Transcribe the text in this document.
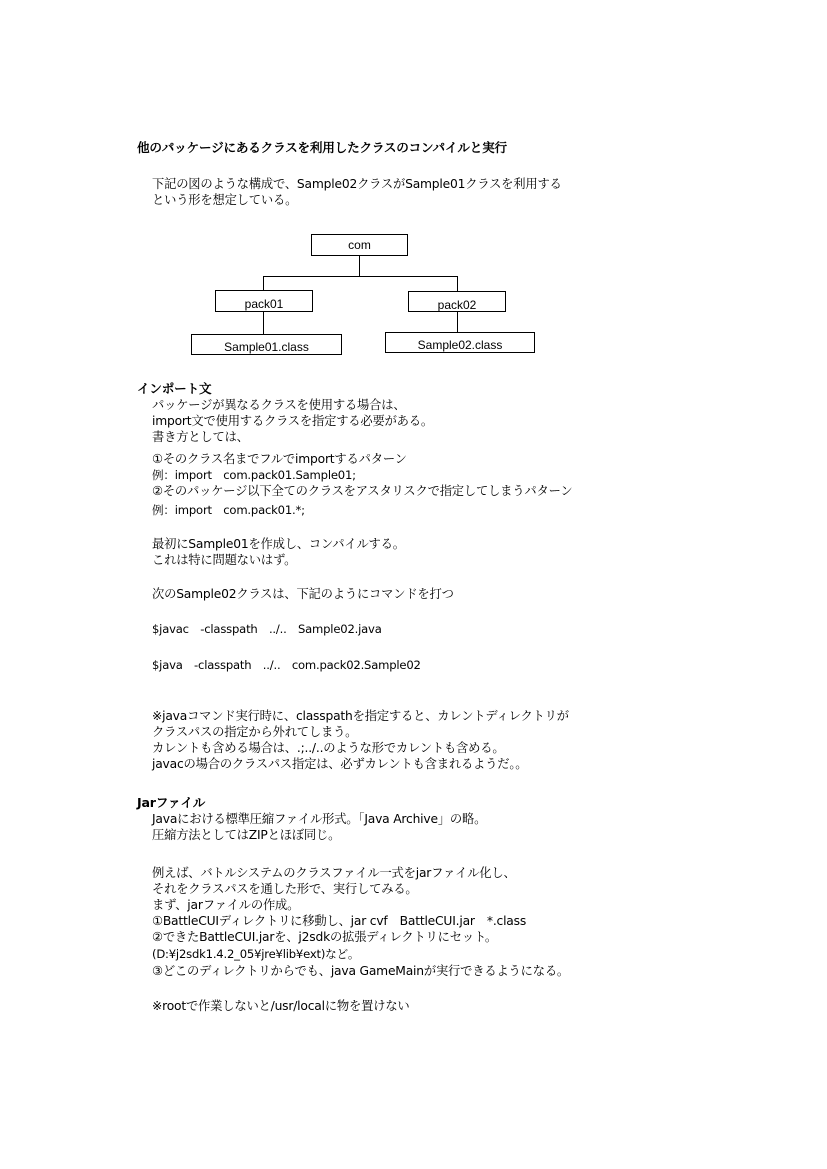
他のパッケージにあるクラスを利用したクラスのコンパイルと実行
下記の図のような構成で、Sample02クラスがSample01クラスを利用する
という形を想定している。
com
pack01	pack02
Sample01.class	Sample02.class
インポート文
パッケージが異なるクラスを使用する場合は、
import文で使用するクラスを指定する必要がある。
書き方としては、
①そのクラス名までフルでimportするパターン
例：import　com.pack01.Sample01;
②そのパッケージ以下全てのクラスをアスタリスクで指定してしまうパターン
例：import　com.pack01.*;
最初にSample01を作成し、コンパイルする。
これは特に問題ないはず。
次のSample02クラスは、下記のようにコマンドを打つ
$javac　-classpath　../..　Sample02.java
$java　-classpath　../..　com.pack02.Sample02
※javaコマンド実行時に、classpathを指定すると、カレントディレクトリが
クラスパスの指定から外れてしまう。
カレントも含める場合は、.;../..のような形でカレントも含める。
javacの場合のクラスパス指定は、必ずカレントも含まれるようだ。。
Jarファイル
Javaにおける標準圧縮ファイル形式。「Java Archive」の略。
圧縮方法としてはZIPとほぼ同じ。
例えば、バトルシステムのクラスファイル一式をjarファイル化し、
それをクラスパスを通した形で、実行してみる。
まず、jarファイルの作成。
①BattleCUIディレクトリに移動し、jar cvf　BattleCUI.jar　*.class
②できたBattleCUI.jarを、j2sdkの拡張ディレクトリにセット。
(D:¥j2sdk1.4.2_05¥jre¥lib¥ext)など。
③どこのディレクトリからでも、java GameMainが実行できるようになる。
※rootで作業しないと/usr/localに物を置けない
